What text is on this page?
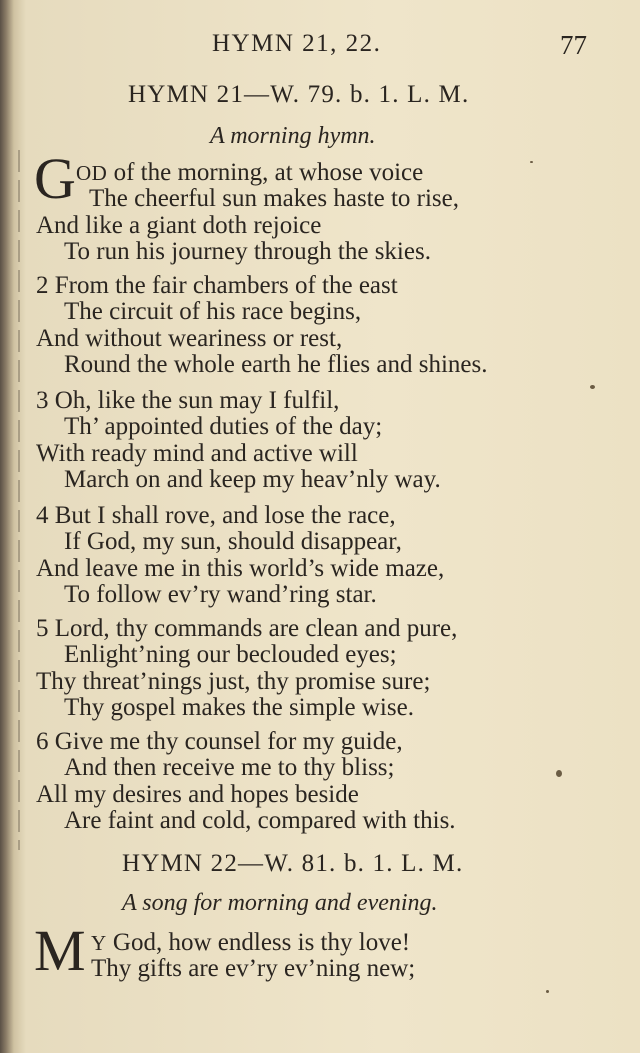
HYMN 21, 22.	77
HYMN 21—W. 79. b. 1. L. M.
A morning hymn.
G OD of the morning, at whose voice
The cheerful sun makes haste to rise,
And like a giant doth rejoice
To run his journey through the skies.
2 From the fair chambers of the east
The circuit of his race begins,
And without weariness or rest,
Round the whole earth he flies and shines.
3 Oh, like the sun may I fulfil,
Th’ appointed duties of the day;
With ready mind and active will
March on and keep my heav’nly way.
4 But I shall rove, and lose the race,
If God, my sun, should disappear,
And leave me in this world’s wide maze,
To follow ev’ry wand’ring star.
5 Lord, thy commands are clean and pure,
Enlight’ning our beclouded eyes;
Thy threat’nings just, thy promise sure;
Thy gospel makes the simple wise.
6 Give me thy counsel for my guide,
And then receive me to thy bliss;
All my desires and hopes beside
Are faint and cold, compared with this.
HYMN 22—W. 81. b. 1. L. M.
A song for morning and evening.
M Y God, how endless is thy love!
Thy gifts are ev’ry ev’ning new;
